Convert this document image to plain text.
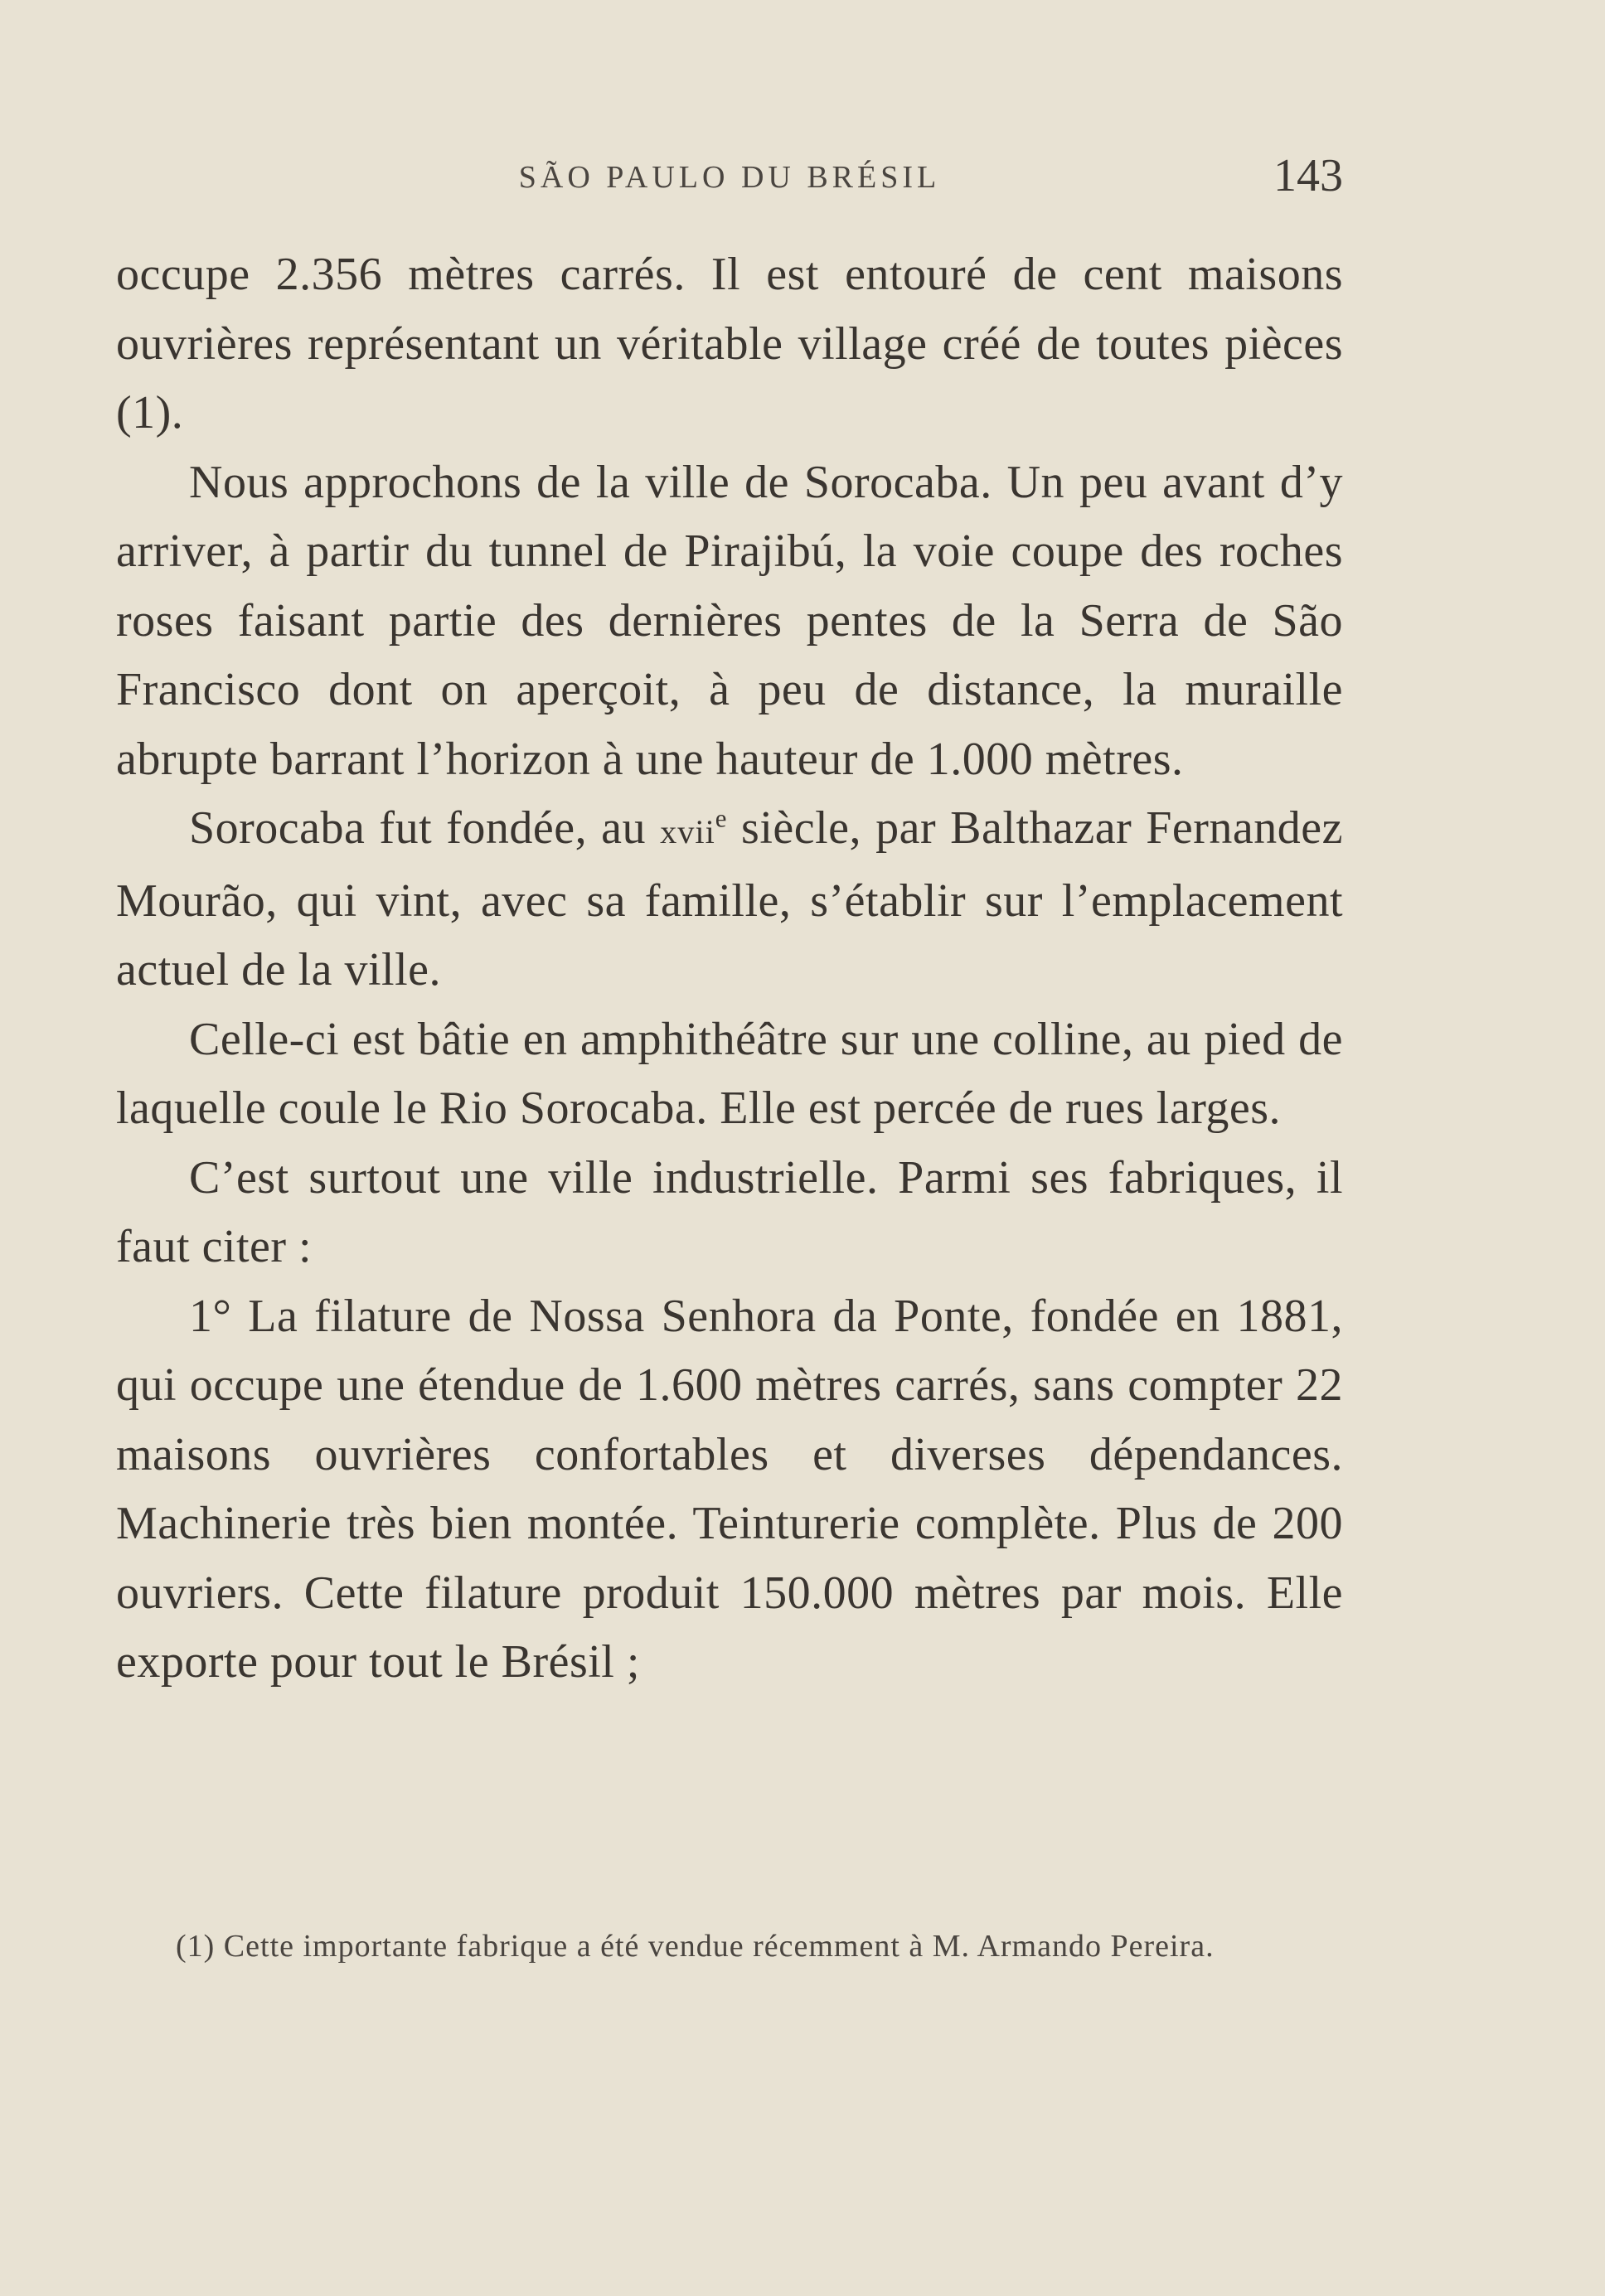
SÃO PAULO DU BRÉSIL	143

occupe 2.356 mètres carrés. Il est entouré de cent maisons ouvrières représentant un véritable village créé de toutes pièces (1).

Nous approchons de la ville de Sorocaba. Un peu avant d’y arriver, à partir du tunnel de Pirajibú, la voie coupe des roches roses faisant partie des dernières pentes de la Serra de São Francisco dont on aperçoit, à peu de distance, la muraille abrupte barrant l’horizon à une hauteur de 1.000 mètres.

Sorocaba fut fondée, au xvii$^e$ siècle, par Balthazar Fernandez Mourão, qui vint, avec sa famille, s’établir sur l’emplacement actuel de la ville.

Celle-ci est bâtie en amphithéâtre sur une colline, au pied de laquelle coule le Rio Sorocaba. Elle est percée de rues larges.

C’est surtout une ville industrielle. Parmi ses fabriques, il faut citer :

1° La filature de Nossa Senhora da Ponte, fondée en 1881, qui occupe une étendue de 1.600 mètres carrés, sans compter 22 maisons ouvrières confortables et diverses dépendances. Machinerie très bien montée. Teinturerie complète. Plus de 200 ouvriers. Cette filature produit 150.000 mètres par mois. Elle exporte pour tout le Brésil ;

(1) Cette importante fabrique a été vendue récemment à M. Armando Pereira.
